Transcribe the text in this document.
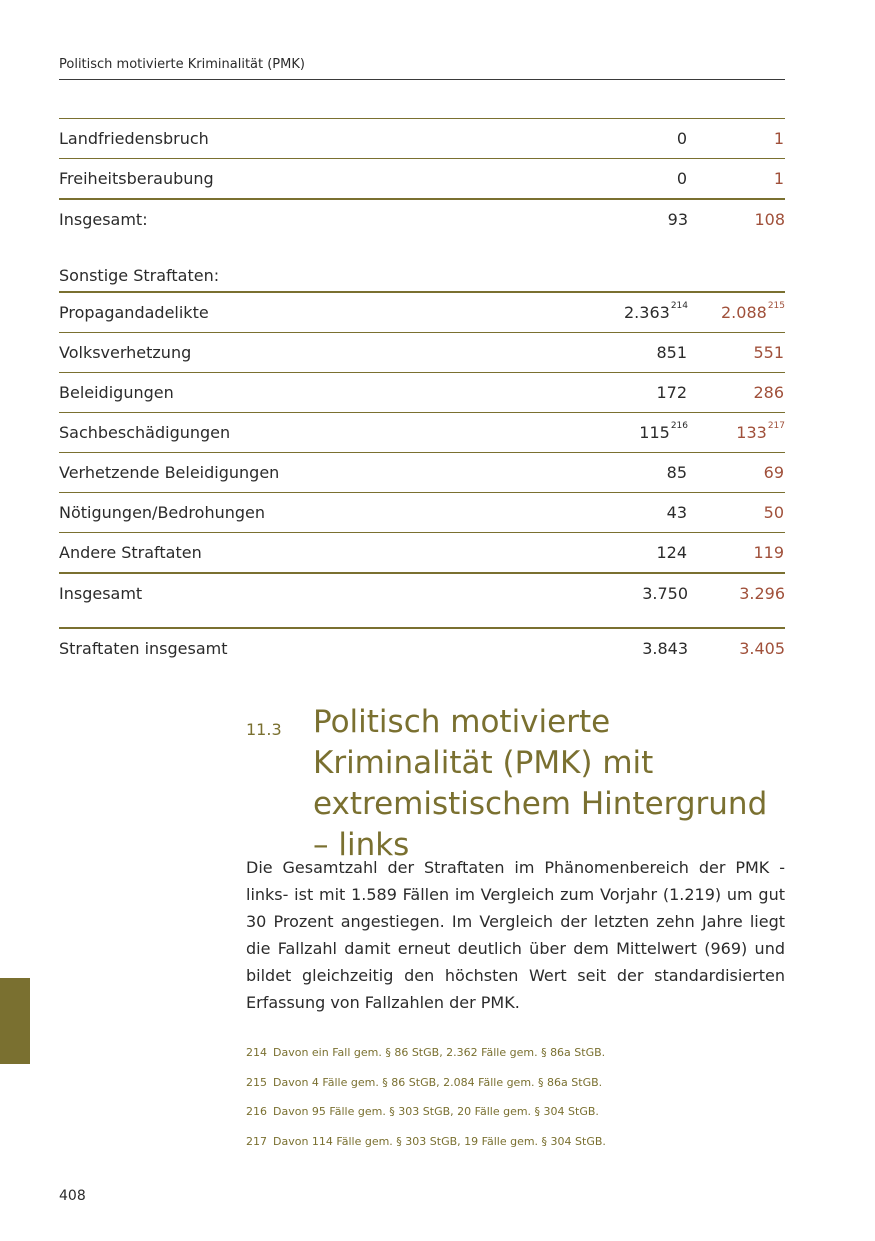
Politisch motivierte Kriminalität (PMK)
Landfriedensbruch	0	1
Freiheitsberaubung	0	1
Insgesamt:	93	108
Sonstige Straftaten:
Propagandadelikte	2.363$^{214}$	2.088$^{215}$
Volksverhetzung	851	551
Beleidigungen	172	286
Sachbeschädigungen	$115^{216}$	$133^{217}$
Verhetzende Beleidigungen	85	69
Nötigungen/Bedrohungen	43	50
Andere Straftaten	124	119
Insgesamt	3.750	3.296
Straftaten insgesamt	3.843	3.405
11.3	Politisch motivierte Kriminalität (PMK) mit extremistischem Hintergrund – links
Die Gesamtzahl der Straftaten im Phänomenbereich der PMK -links- ist mit 1.589 Fällen im Vergleich zum Vorjahr (1.219) um gut 30 Prozent angestiegen. Im Vergleich der letzten zehn Jahre liegt die Fallzahl damit erneut deutlich über dem Mittelwert (969) und bildet gleichzeitig den höchsten Wert seit der standardisierten Erfassung von Fallzahlen der PMK.
214 Davon ein Fall gem. § 86 StGB, 2.362 Fälle gem. § 86a StGB.
215 Davon 4 Fälle gem. § 86 StGB, 2.084 Fälle gem. § 86a StGB.
216 Davon 95 Fälle gem. § 303 StGB, 20 Fälle gem. § 304 StGB.
217 Davon 114 Fälle gem. § 303 StGB, 19 Fälle gem. § 304 StGB.
408
